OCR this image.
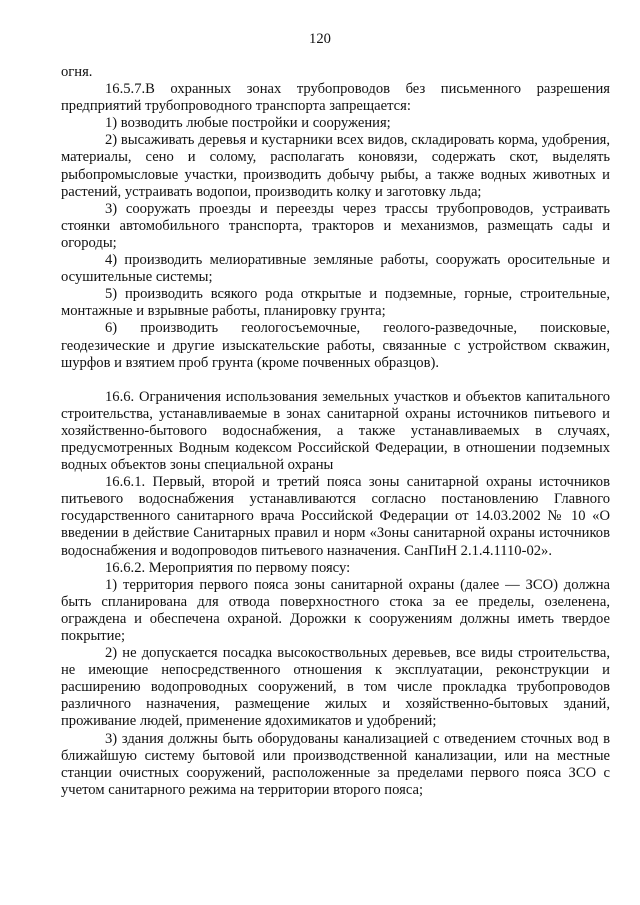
120

огня.

16.5.7.В охранных зонах трубопроводов без письменного разрешения предприятий трубопроводного транспорта запрещается:

1) возводить любые постройки и сооружения;

2) высаживать деревья и кустарники всех видов, складировать корма, удобрения, материалы, сено и солому, располагать коновязи, содержать скот, выделять рыбопромысловые участки, производить добычу рыбы, а также водных животных и растений, устраивать водопои, производить колку и заготовку льда;

3) сооружать проезды и переезды через трассы трубопроводов, устраивать стоянки автомобильного транспорта, тракторов и механизмов, размещать сады и огороды;

4) производить мелиоративные земляные работы, сооружать оросительные и осушительные системы;

5) производить всякого рода открытые и подземные, горные, строительные, монтажные и взрывные работы, планировку грунта;

6) производить геологосъемочные, геолого-разведочные, поисковые, геодезические и другие изыскательские работы, связанные с устройством скважин, шурфов и взятием проб грунта (кроме почвенных образцов).

16.6. Ограничения использования земельных участков и объектов капитального строительства, устанавливаемые в зонах санитарной охраны источников питьевого и хозяйственно-бытового водоснабжения, а также устанавливаемых в случаях, предусмотренных Водным кодексом Российской Федерации, в отношении подземных водных объектов зоны специальной охраны

16.6.1. Первый, второй и третий пояса зоны санитарной охраны источников питьевого водоснабжения устанавливаются согласно постановлению Главного государственного санитарного врача Российской Федерации от 14.03.2002 № 10 «О введении в действие Санитарных правил и норм «Зоны санитарной охраны источников водоснабжения и водопроводов питьевого назначения. СанПиН 2.1.4.1110-02».

16.6.2. Мероприятия по первому поясу:

1) территория первого пояса зоны санитарной охраны (далее — ЗСО) должна быть спланирована для отвода поверхностного стока за ее пределы, озеленена, ограждена и обеспечена охраной. Дорожки к сооружениям должны иметь твердое покрытие;

2) не допускается посадка высокоствольных деревьев, все виды строительства, не имеющие непосредственного отношения к эксплуатации, реконструкции и расширению водопроводных сооружений, в том числе прокладка трубопроводов различного назначения, размещение жилых и хозяйственно-бытовых зданий, проживание людей, применение ядохимикатов и удобрений;

3) здания должны быть оборудованы канализацией с отведением сточных вод в ближайшую систему бытовой или производственной канализации, или на местные станции очистных сооружений, расположенные за пределами первого пояса ЗСО с учетом санитарного режима на территории второго пояса;
